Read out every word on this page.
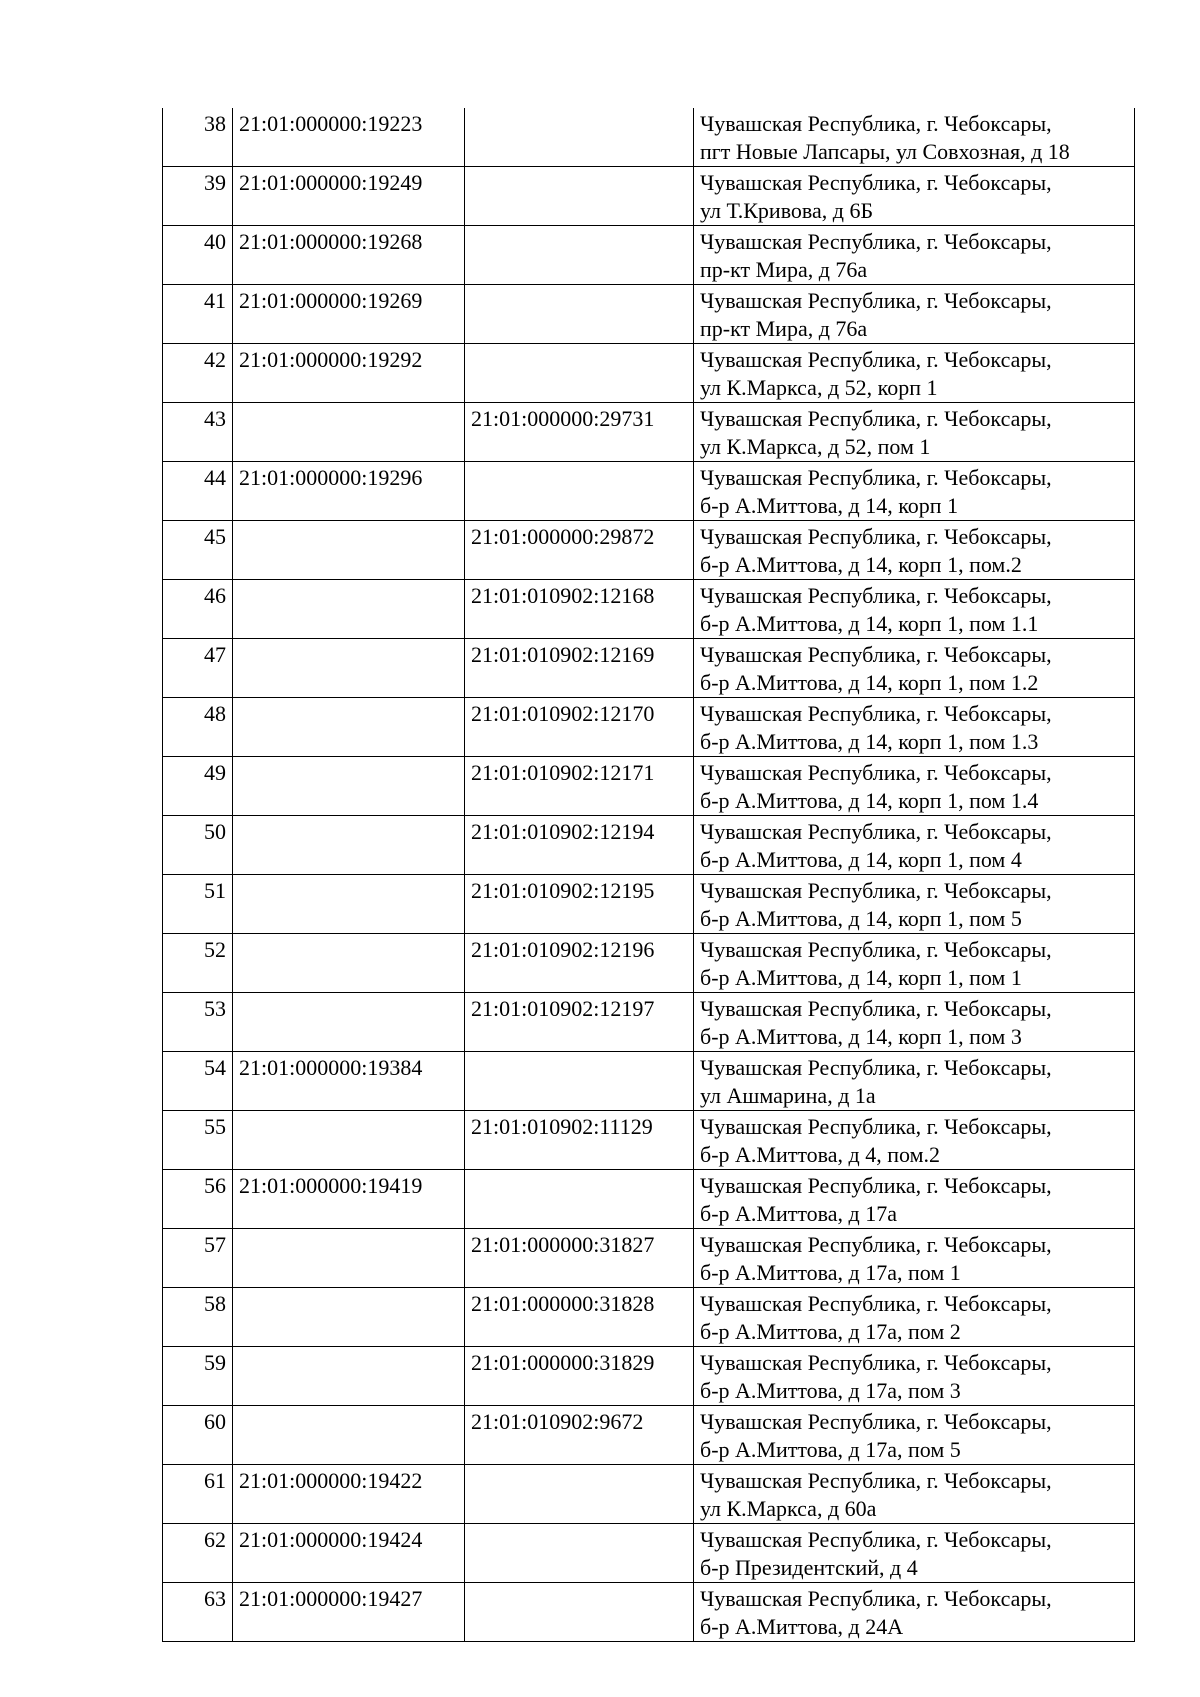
38	21:01:000000:19223		Чувашская Республика, г. Чебоксары,
пгт Новые Лапсары, ул Совхозная, д 18

39	21:01:000000:19249		Чувашская Республика, г. Чебоксары,
ул Т.Кривова, д 6Б

40	21:01:000000:19268		Чувашская Республика, г. Чебоксары,
пр-кт Мира, д 76а

41	21:01:000000:19269		Чувашская Республика, г. Чебоксары,
пр-кт Мира, д 76а

42	21:01:000000:19292		Чувашская Республика, г. Чебоксары,
ул К.Маркса, д 52, корп 1

43		21:01:000000:29731	Чувашская Республика, г. Чебоксары,
ул К.Маркса, д 52, пом 1

44	21:01:000000:19296		Чувашская Республика, г. Чебоксары,
б-р А.Миттова, д 14, корп 1

45		21:01:000000:29872	Чувашская Республика, г. Чебоксары,
б-р А.Миттова, д 14, корп 1, пом.2

46		21:01:010902:12168	Чувашская Республика, г. Чебоксары,
б-р А.Миттова, д 14, корп 1, пом 1.1

47		21:01:010902:12169	Чувашская Республика, г. Чебоксары,
б-р А.Миттова, д 14, корп 1, пом 1.2

48		21:01:010902:12170	Чувашская Республика, г. Чебоксары,
б-р А.Миттова, д 14, корп 1, пом 1.3

49		21:01:010902:12171	Чувашская Республика, г. Чебоксары,
б-р А.Миттова, д 14, корп 1, пом 1.4

50		21:01:010902:12194	Чувашская Республика, г. Чебоксары,
б-р А.Миттова, д 14, корп 1, пом 4

51		21:01:010902:12195	Чувашская Республика, г. Чебоксары,
б-р А.Миттова, д 14, корп 1, пом 5

52		21:01:010902:12196	Чувашская Республика, г. Чебоксары,
б-р А.Миттова, д 14, корп 1, пом 1

53		21:01:010902:12197	Чувашская Республика, г. Чебоксары,
б-р А.Миттова, д 14, корп 1, пом 3

54	21:01:000000:19384		Чувашская Республика, г. Чебоксары,
ул Ашмарина, д 1а

55		21:01:010902:11129	Чувашская Республика, г. Чебоксары,
б-р А.Миттова, д 4, пом.2

56	21:01:000000:19419		Чувашская Республика, г. Чебоксары,
б-р А.Миттова, д 17а

57		21:01:000000:31827	Чувашская Республика, г. Чебоксары,
б-р А.Миттова, д 17а, пом 1

58		21:01:000000:31828	Чувашская Республика, г. Чебоксары,
б-р А.Миттова, д 17а, пом 2

59		21:01:000000:31829	Чувашская Республика, г. Чебоксары,
б-р А.Миттова, д 17а, пом 3

60		21:01:010902:9672	Чувашская Республика, г. Чебоксары,
б-р А.Миттова, д 17а, пом 5

61	21:01:000000:19422		Чувашская Республика, г. Чебоксары,
ул К.Маркса, д 60а

62	21:01:000000:19424		Чувашская Республика, г. Чебоксары,
б-р Президентский, д 4

63	21:01:000000:19427		Чувашская Республика, г. Чебоксары,
б-р А.Миттова, д 24А
